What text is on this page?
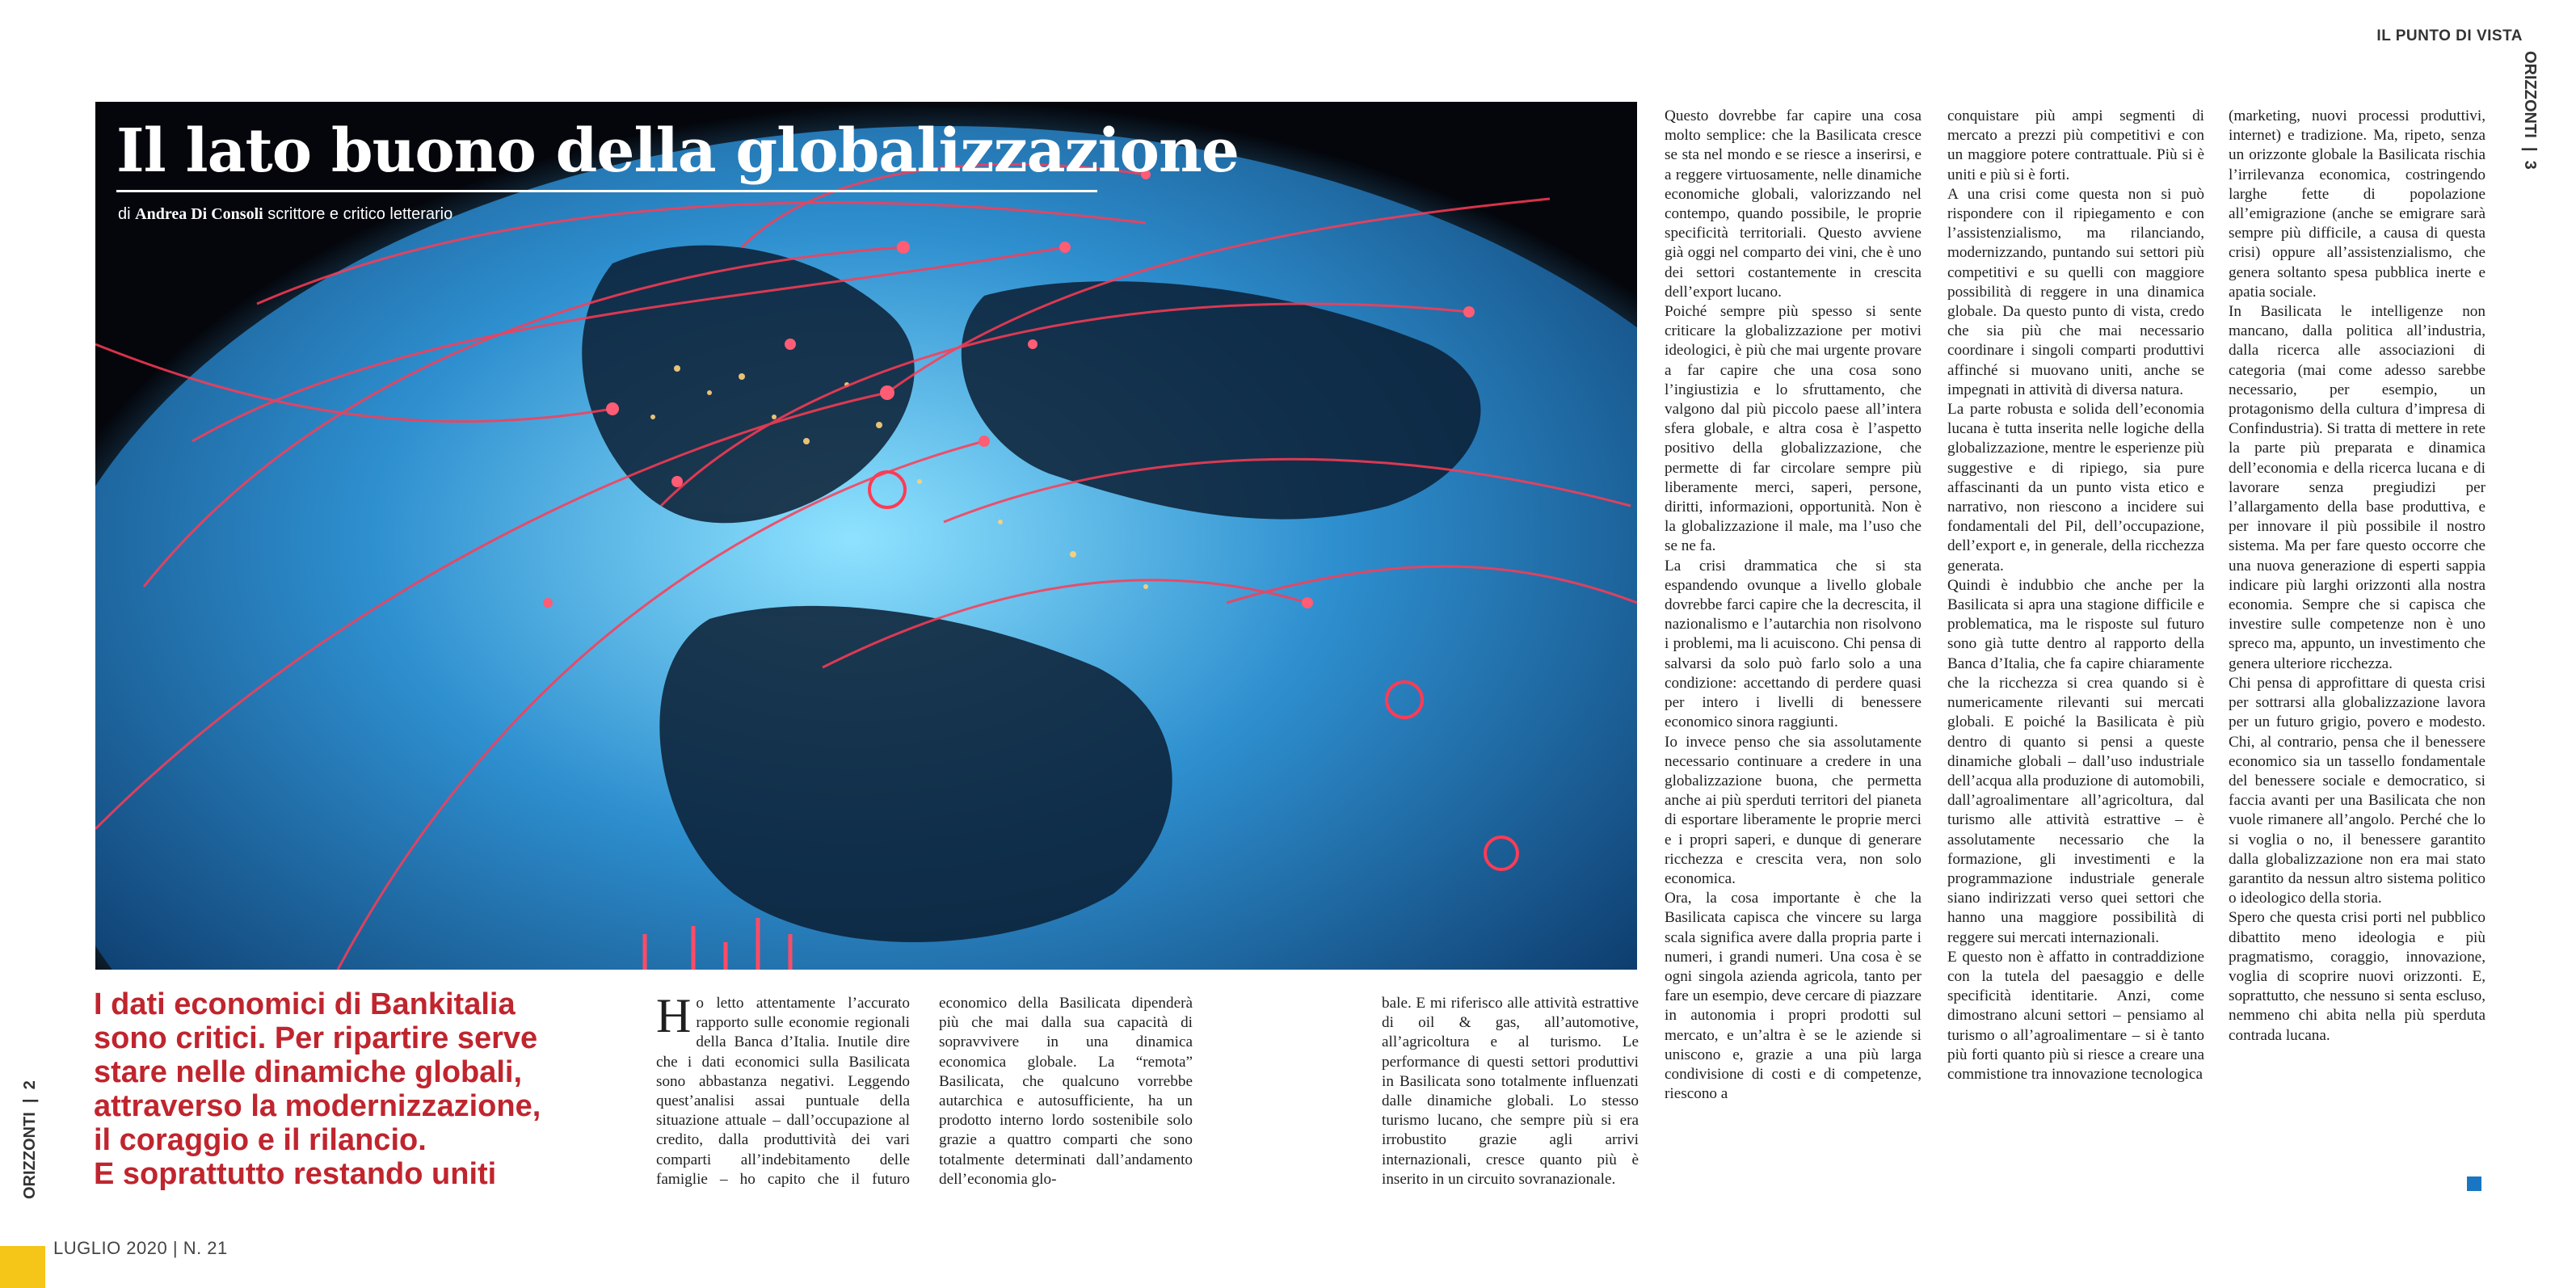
IL PUNTO DI VISTA
ORIZZONTI  |  3
ORIZZONTI  |  2
Il lato buono della globalizzazione
di Andrea Di Consoli scrittore e critico letterario
I dati economici di Bankitalia
sono critici. Per ripartire serve
stare nelle dinamiche globali,
attraverso la modernizzazione,
il coraggio e il rilancio.
E soprattutto restando uniti

Ho letto attentamente l’accurato rapporto sulle economie regionali della Banca d’Italia. Inutile dire che i dati economici sulla Basilicata sono abbastanza negativi. Leggendo quest’analisi assai puntuale della situazione attuale – dall’occupazione al credito, dalla produttività dei vari comparti all’indebitamento delle famiglie – ho capito che il futuro economico della Basilicata dipenderà più che mai dalla sua capacità di sopravvivere in una dinamica economica globale. La “remota” Basilicata, che qualcuno vorrebbe autarchica e autosufficiente, ha un prodotto interno lordo sostenibile solo grazie a quattro comparti che sono totalmente determinati dall’andamento dell’economia glo-

bale. E mi riferisco alle attività estrattive di oil & gas, all’automotive, all’agricoltura e al turismo. Le performance di questi settori produttivi in Basilicata sono totalmente influenzati dalle dinamiche globali. Lo stesso turismo lucano, che sempre più si era irrobustito grazie agli arrivi internazionali, cresce quanto più è inserito in un circuito sovranazionale.

Questo dovrebbe far capire una cosa molto semplice: che la Basilicata cresce se sta nel mondo e se riesce a inserirsi, e a reggere virtuosamente, nelle dinamiche economiche globali, valorizzando nel contempo, quando possibile, le proprie specificità territoriali. Questo avviene già oggi nel comparto dei vini, che è uno dei settori costantemente in crescita dell’export lucano.

Poiché sempre più spesso si sente criticare la globalizzazione per motivi ideologici, è più che mai urgente provare a far capire che una cosa sono l’ingiustizia e lo sfruttamento, che valgono dal più piccolo paese all’intera sfera globale, e altra cosa è l’aspetto positivo della globalizzazione, che permette di far circolare sempre più liberamente merci, saperi, persone, diritti, informazioni, opportunità. Non è la globalizzazione il male, ma l’uso che se ne fa.

La crisi drammatica che si sta espandendo ovunque a livello globale dovrebbe farci capire che la decrescita, il nazionalismo e l’autarchia non risolvono i problemi, ma li acuiscono. Chi pensa di salvarsi da solo può farlo solo a una condizione: accettando di perdere quasi per intero i livelli di benessere economico sinora raggiunti.

Io invece penso che sia assolutamente necessario continuare a credere in una globalizzazione buona, che permetta anche ai più sperduti territori del pianeta di esportare liberamente le proprie merci e i propri saperi, e dunque di generare ricchezza e crescita vera, non solo economica.

Ora, la cosa importante è che la Basilicata capisca che vincere su larga scala significa avere dalla propria parte i numeri, i grandi numeri. Una cosa è se ogni singola azienda agricola, tanto per fare un esempio, deve cercare di piazzare in autonomia i propri prodotti sul mercato, e un’altra è se le aziende si uniscono e, grazie a una più larga condivisione di costi e di competenze, riescono a

conquistare più ampi segmenti di mercato a prezzi più competitivi e con un maggiore potere contrattuale. Più si è uniti e più si è forti.

A una crisi come questa non si può rispondere con il ripiegamento e con l’assistenzialismo, ma rilanciando, modernizzando, puntando sui settori più competitivi e su quelli con maggiore possibilità di reggere in una dinamica globale. Da questo punto di vista, credo che sia più che mai necessario coordinare i singoli comparti produttivi affinché si muovano uniti, anche se impegnati in attività di diversa natura.

La parte robusta e solida dell’economia lucana è tutta inserita nelle logiche della globalizzazione, mentre le esperienze più suggestive e di ripiego, sia pure affascinanti da un punto vista etico e narrativo, non riescono a incidere sui fondamentali del Pil, dell’occupazione, dell’export e, in generale, della ricchezza generata.

Quindi è indubbio che anche per la Basilicata si apra una stagione difficile e problematica, ma le risposte sul futuro sono già tutte dentro al rapporto della Banca d’Italia, che fa capire chiaramente che la ricchezza si crea quando si è numericamente rilevanti sui mercati globali. E poiché la Basilicata è più dentro di quanto si pensi a queste dinamiche globali – dall’uso industriale dell’acqua alla produzione di automobili, dall’agroalimentare all’agricoltura, dal turismo alle attività estrattive – è assolutamente necessario che la formazione, gli investimenti e la programmazione industriale generale siano indirizzati verso quei settori che hanno una maggiore possibilità di reggere sui mercati internazionali.

E questo non è affatto in contraddizione con la tutela del paesaggio e delle specificità identitarie. Anzi, come dimostrano alcuni settori – pensiamo al turismo o all’agroalimentare – si è tanto più forti quanto più si riesce a creare una commistione tra innovazione tecnologica

(marketing, nuovi processi produttivi, internet) e tradizione. Ma, ripeto, senza un orizzonte globale la Basilicata rischia l’irrilevanza economica, costringendo larghe fette di popolazione all’emigrazione (anche se emigrare sarà sempre più difficile, a causa di questa crisi) oppure all’assistenzialismo, che genera soltanto spesa pubblica inerte e apatia sociale.

In Basilicata le intelligenze non mancano, dalla politica all’industria, dalla ricerca alle associazioni di categoria (mai come adesso sarebbe necessario, per esempio, un protagonismo della cultura d’impresa di Confindustria). Si tratta di mettere in rete la parte più preparata e dinamica dell’economia e della ricerca lucana e di lavorare senza pregiudizi per l’allargamento della base produttiva, e per innovare il più possibile il nostro sistema. Ma per fare questo occorre che una nuova generazione di esperti sappia indicare più larghi orizzonti alla nostra economia. Sempre che si capisca che investire sulle competenze non è uno spreco ma, appunto, un investimento che genera ulteriore ricchezza.

Chi pensa di approfittare di questa crisi per sottrarsi alla globalizzazione lavora per un futuro grigio, povero e modesto. Chi, al contrario, pensa che il benessere economico sia un tassello fondamentale del benessere sociale e democratico, si faccia avanti per una Basilicata che non vuole rimanere all’angolo. Perché che lo si voglia o no, il benessere garantito dalla globalizzazione non era mai stato garantito da nessun altro sistema politico o ideologico della storia.

Spero che questa crisi porti nel pubblico dibattito meno ideologia e più pragmatismo, coraggio, innovazione, voglia di scoprire nuovi orizzonti. E, soprattutto, che nessuno si senta escluso, nemmeno chi abita nella più sperduta contrada lucana.

LUGLIO 2020 | N. 21
